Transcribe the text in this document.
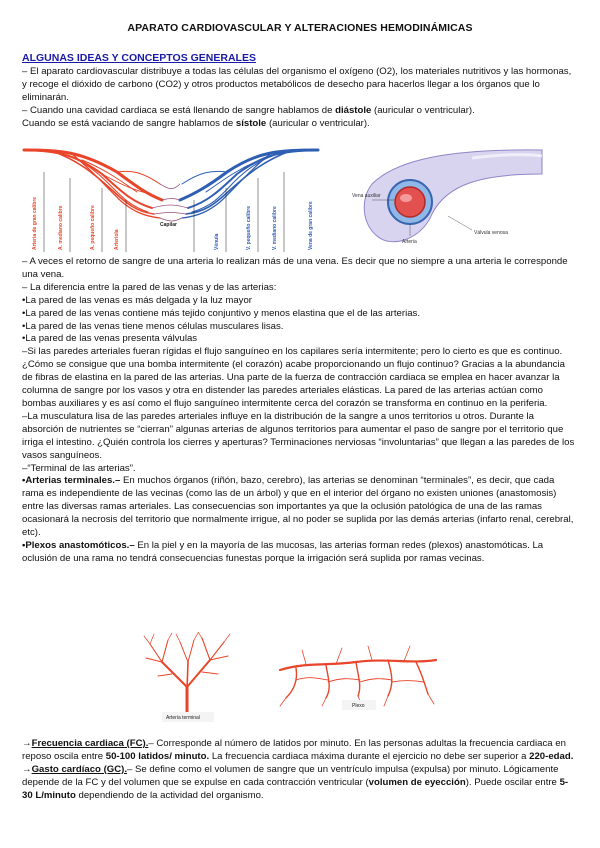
APARATO CARDIOVASCULAR Y ALTERACIONES HEMODINÁMICAS
ALGUNAS IDEAS Y CONCEPTOS GENERALES

– El aparato cardiovascular distribuye a todas las células del organismo el oxígeno (O2), los materiales nutritivos y las hormonas, y recoge el dióxido de carbono (CO2) y otros productos metabólicos de desecho para hacerlos llegar a los órganos que lo eliminarán.

– Cuando una cavidad cardiaca se está llenando de sangre hablamos de diástole (auricular o ventricular).

Cuando se está vaciando de sangre hablamos de sístole (auricular o ventricular).

Arteria de gran calibre	A. mediano calibre	A. pequeño calibre	Arteriola
Capilar
Vénula	V. pequeño calibre	V. mediano calibre	Vena de gran calibre
Vena auxiliar
Arteria
Válvula venosa

– A veces el retorno de sangre de una arteria lo realizan más de una vena. Es decir que no siempre a una arteria le corresponde una vena.

– La diferencia entre la pared de las venas y de las arterias:

•La pared de las venas es más delgada y la luz mayor

•La pared de las venas contiene más tejido conjuntivo y menos elastina que el de las arterias.

•La pared de las venas tiene menos células musculares lisas.

•La pared de las venas presenta válvulas

–Si las paredes arteriales fueran rígidas el flujo sanguíneo en los capilares sería intermitente; pero lo cierto es que es continuo. ¿Cómo se consigue que una bomba intermitente (el corazón) acabe proporcionando un flujo continuo? Gracias a la abundancia de fibras de elastina en la pared de las arterias. Una parte de la fuerza de contracción cardiaca se emplea en hacer avanzar la columna de sangre por los vasos y otra en distender las paredes arteriales elásticas. La pared de las arterias actúan como bombas auxiliares y es así como el flujo sanguíneo intermitente cerca del corazón se transforma en continuo en la periferia.

–La musculatura lisa de las paredes arteriales influye en la distribución de la sangre a unos territorios u otros. Durante la absorción de nutrientes se “cierran” algunas arterias de algunos territorios para aumentar el paso de sangre por el territorio que irriga el intestino. ¿Quién controla los cierres y aperturas? Terminaciones nerviosas “involuntarias” que llegan a las paredes de los vasos sanguíneos.

–“Terminal de las arterias”.

•Arterias terminales.– En muchos órganos (riñón, bazo, cerebro), las arterias se denominan “terminales”, es decir, que cada rama es independiente de las vecinas (como las de un árbol) y que en el interior del órgano no existen uniones (anastomosis) entre las diversas ramas arteriales. Las consecuencias son importantes ya que la oclusión patológica de una de las ramas ocasionará la necrosis del territorio que normalmente irrigue, al no poder se suplida por las demás arterias (infarto renal, cerebral, etc).

•Plexos anastomóticos.– En la piel y en la mayoría de las mucosas, las arterias forman redes (plexos) anastomóticas. La oclusión de una rama no tendrá consecuencias funestas porque la irrigación será suplida por ramas vecinas.

Arteria terminal
Plexo

→Frecuencia cardiaca (FC).– Corresponde al número de latidos por minuto. En las personas adultas la frecuencia cardiaca en reposo oscila entre 50-100 latidos/ minuto. La frecuencia cardiaca máxima durante el ejercicio no debe ser superior a 220-edad.

→Gasto cardíaco (GC).– Se define como el volumen de sangre que un ventrículo impulsa (expulsa) por minuto. Lógicamente depende de la FC y del volumen que se expulse en cada contracción ventricular (volumen de eyección). Puede oscilar entre 5- 30 L/minuto dependiendo de la actividad del organismo.
